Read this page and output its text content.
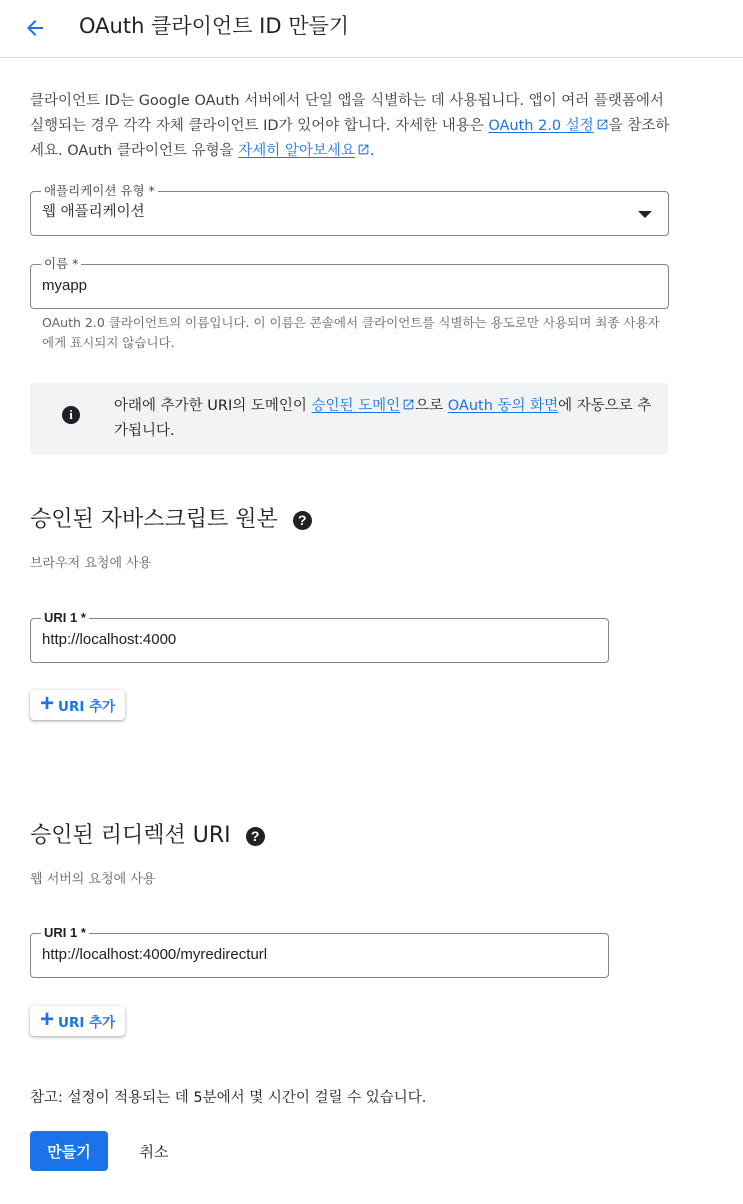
OAuth 클라이언트 ID 만들기
클라이언트 ID는 Google OAuth 서버에서 단일 앱을 식별하는 데 사용됩니다. 앱이 여러 플랫폼에서 실행되는 경우 각각 자체 클라이언트 ID가 있어야 합니다. 자세한 내용은 OAuth 2.0 설정 을 참조하세요. OAuth 클라이언트 유형을 자세히 알아보세요 .
애플리케이션 유형 *
웹 애플리케이션
이름 *
myapp
OAuth 2.0 클라이언트의 이름입니다. 이 이름은 콘솔에서 클라이언트를 식별하는 용도로만 사용되며 최종 사용자에게 표시되지 않습니다.
i
아래에 추가한 URI의 도메인이 승인된 도메인 으로 OAuth 동의 화면에 자동으로 추가됩니다.
승인된 자바스크립트 원본	?
브라우저 요청에 사용
URI 1 *
http://localhost:4000
+ URI 추가
승인된 리디렉션 URI	?
웹 서버의 요청에 사용
URI 1 *
http://localhost:4000/myredirecturl
+ URI 추가
참고: 설정이 적용되는 데 5분에서 몇 시간이 걸릴 수 있습니다.
만들기	취소
